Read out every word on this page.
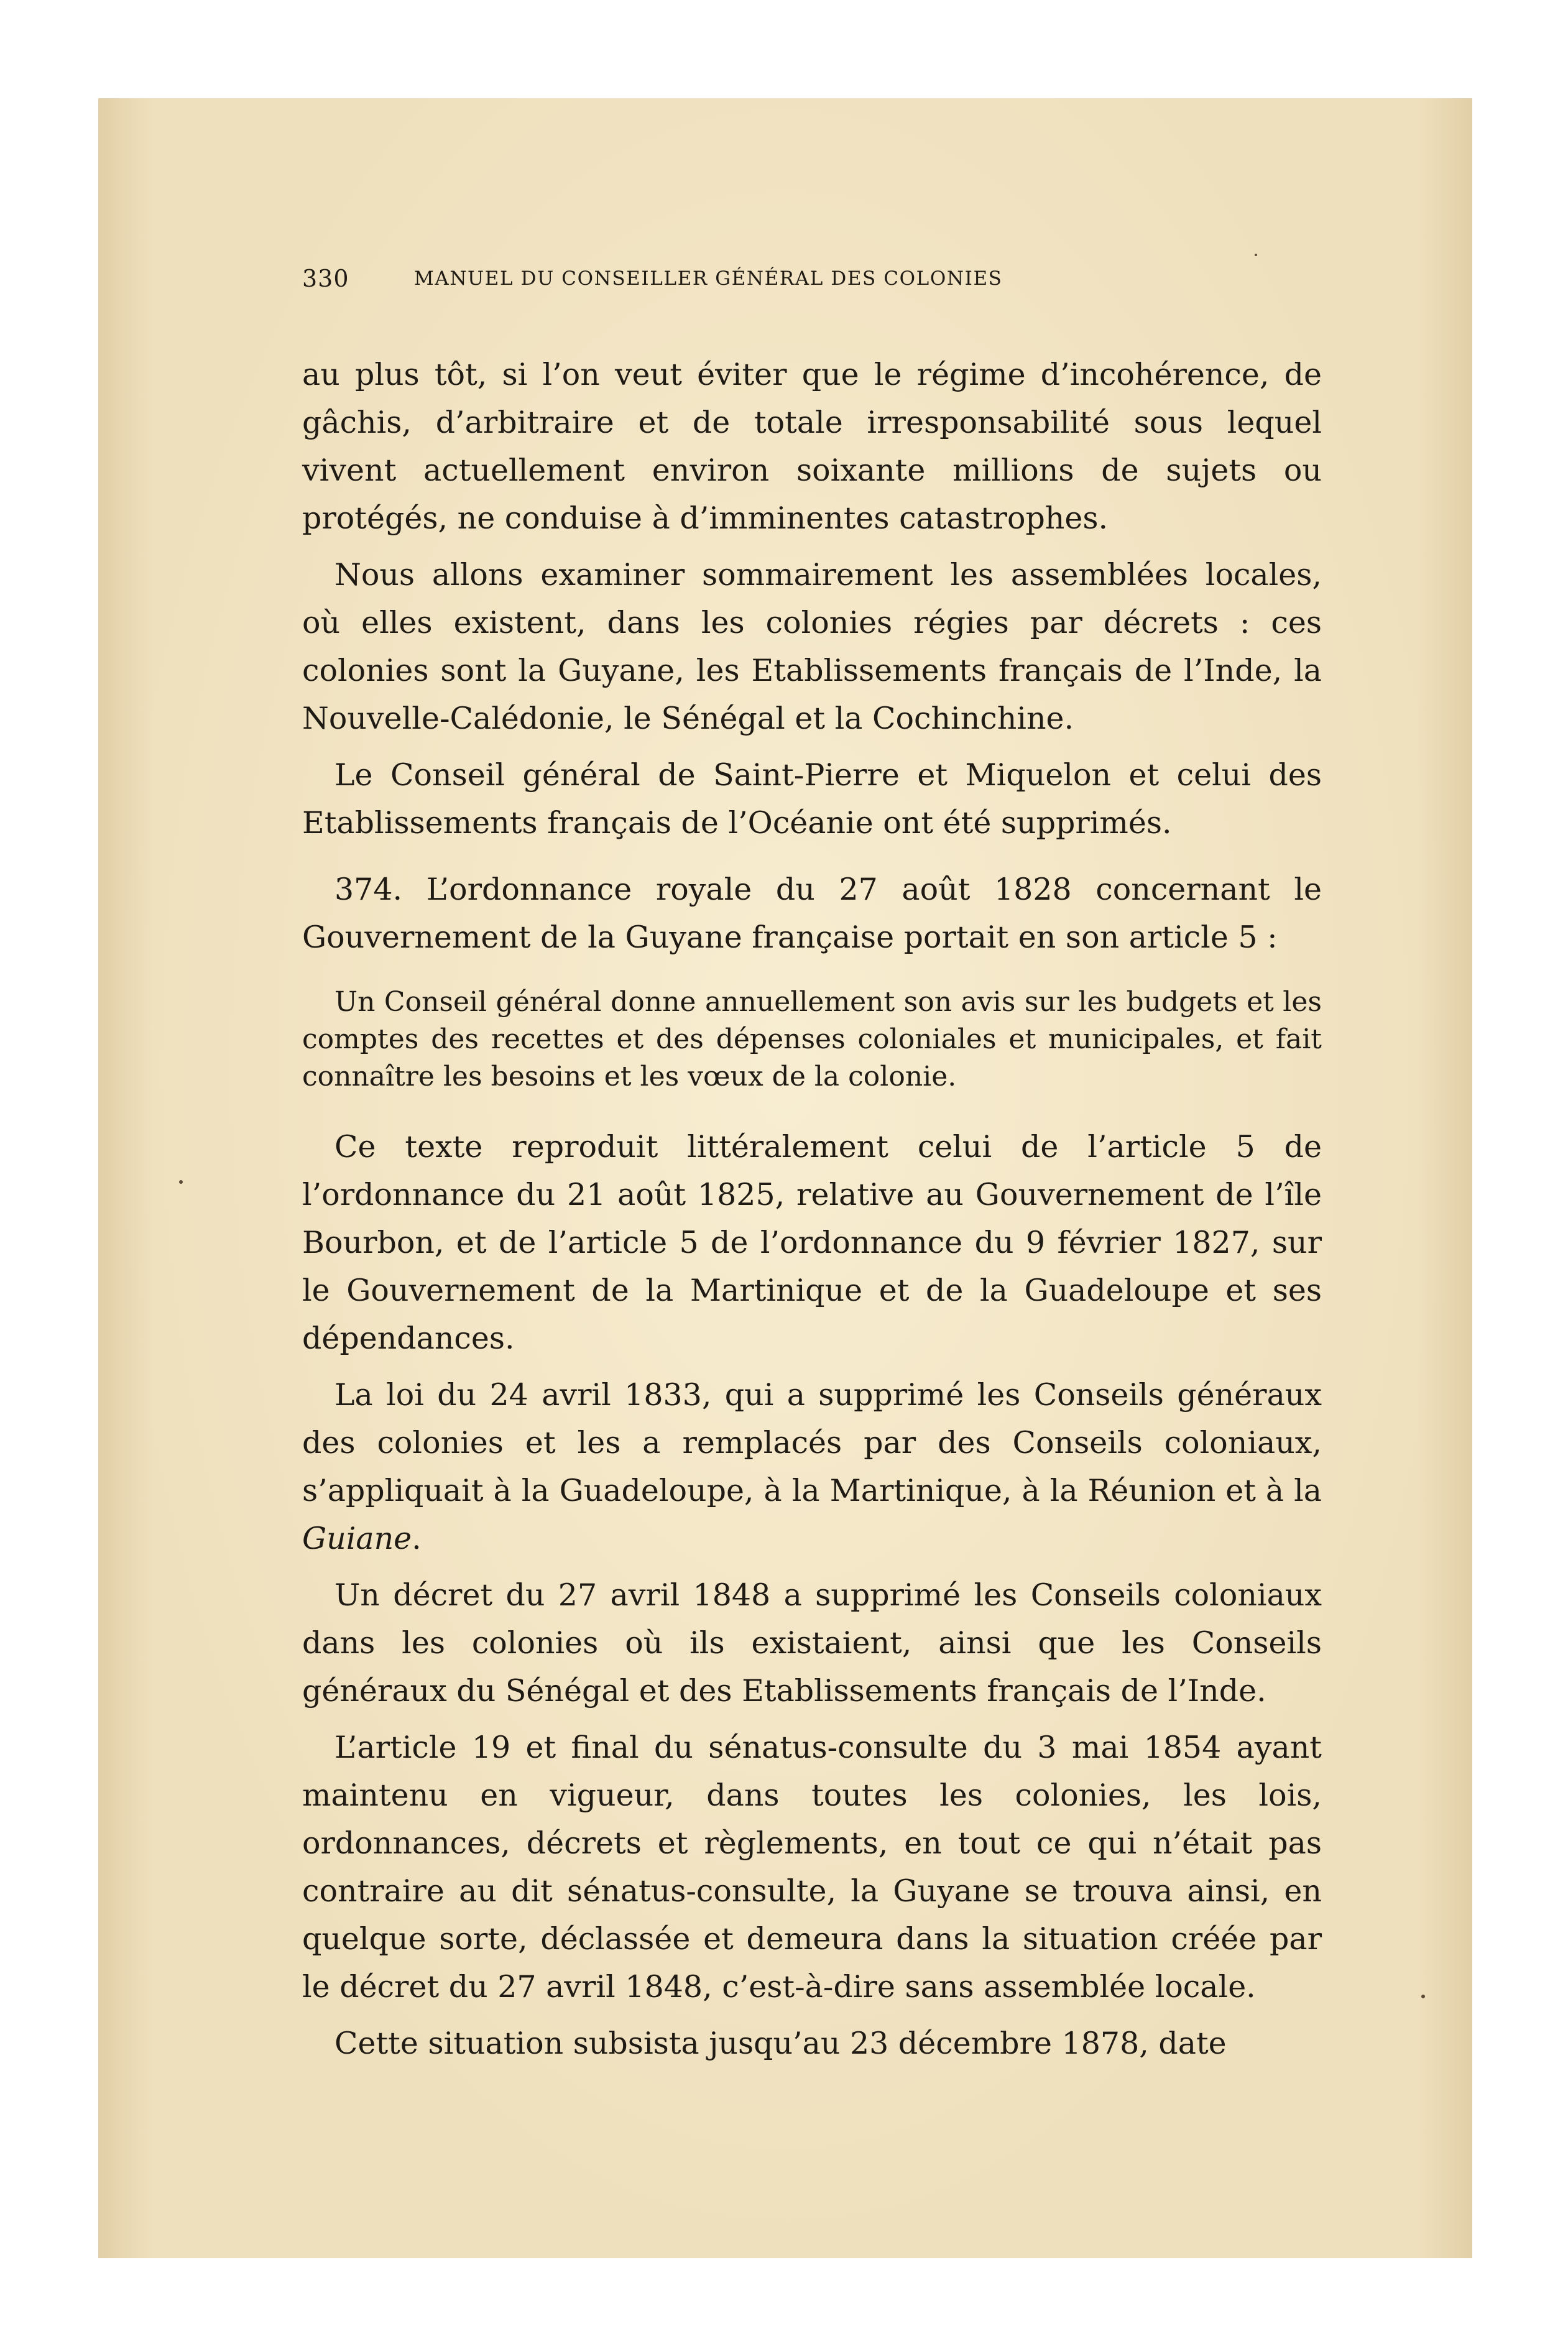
330	MANUEL DU CONSEILLER GÉNÉRAL DES COLONIES

au plus tôt, si l’on veut éviter que le régime d’incohérence, de gâchis, d’arbitraire et de totale irresponsabilité sous lequel vivent actuellement environ soixante millions de sujets ou protégés, ne conduise à d’imminentes catastrophes.

Nous allons examiner sommairement les assemblées locales, où elles existent, dans les colonies régies par décrets : ces colonies sont la Guyane, les Etablissements français de l’Inde, la Nouvelle-Calédonie, le Sénégal et la Cochinchine.

Le Conseil général de Saint-Pierre et Miquelon et celui des Etablissements français de l’Océanie ont été supprimés.

374. L’ordonnance royale du 27 août 1828 concernant le Gouvernement de la Guyane française portait en son article 5 :

Un Conseil général donne annuellement son avis sur les budgets et les comptes des recettes et des dépenses coloniales et municipales, et fait connaître les besoins et les vœux de la colonie.

Ce texte reproduit littéralement celui de l’article 5 de l’ordonnance du 21 août 1825, relative au Gouvernement de l’île Bourbon, et de l’article 5 de l’ordonnance du 9 février 1827, sur le Gouvernement de la Martinique et de la Guadeloupe et ses dépendances.

La loi du 24 avril 1833, qui a supprimé les Conseils généraux des colonies et les a remplacés par des Conseils coloniaux, s’appliquait à la Guadeloupe, à la Martinique, à la Réunion et à la Guiane.

Un décret du 27 avril 1848 a supprimé les Conseils coloniaux dans les colonies où ils existaient, ainsi que les Conseils généraux du Sénégal et des Etablissements français de l’Inde.

L’article 19 et final du sénatus-consulte du 3 mai 1854 ayant maintenu en vigueur, dans toutes les colonies, les lois, ordonnances, décrets et règlements, en tout ce qui n’était pas contraire au dit sénatus-consulte, la Guyane se trouva ainsi, en quelque sorte, déclassée et demeura dans la situation créée par le décret du 27 avril 1848, c’est-à-dire sans assemblée locale.

Cette situation subsista jusqu’au 23 décembre 1878, date
